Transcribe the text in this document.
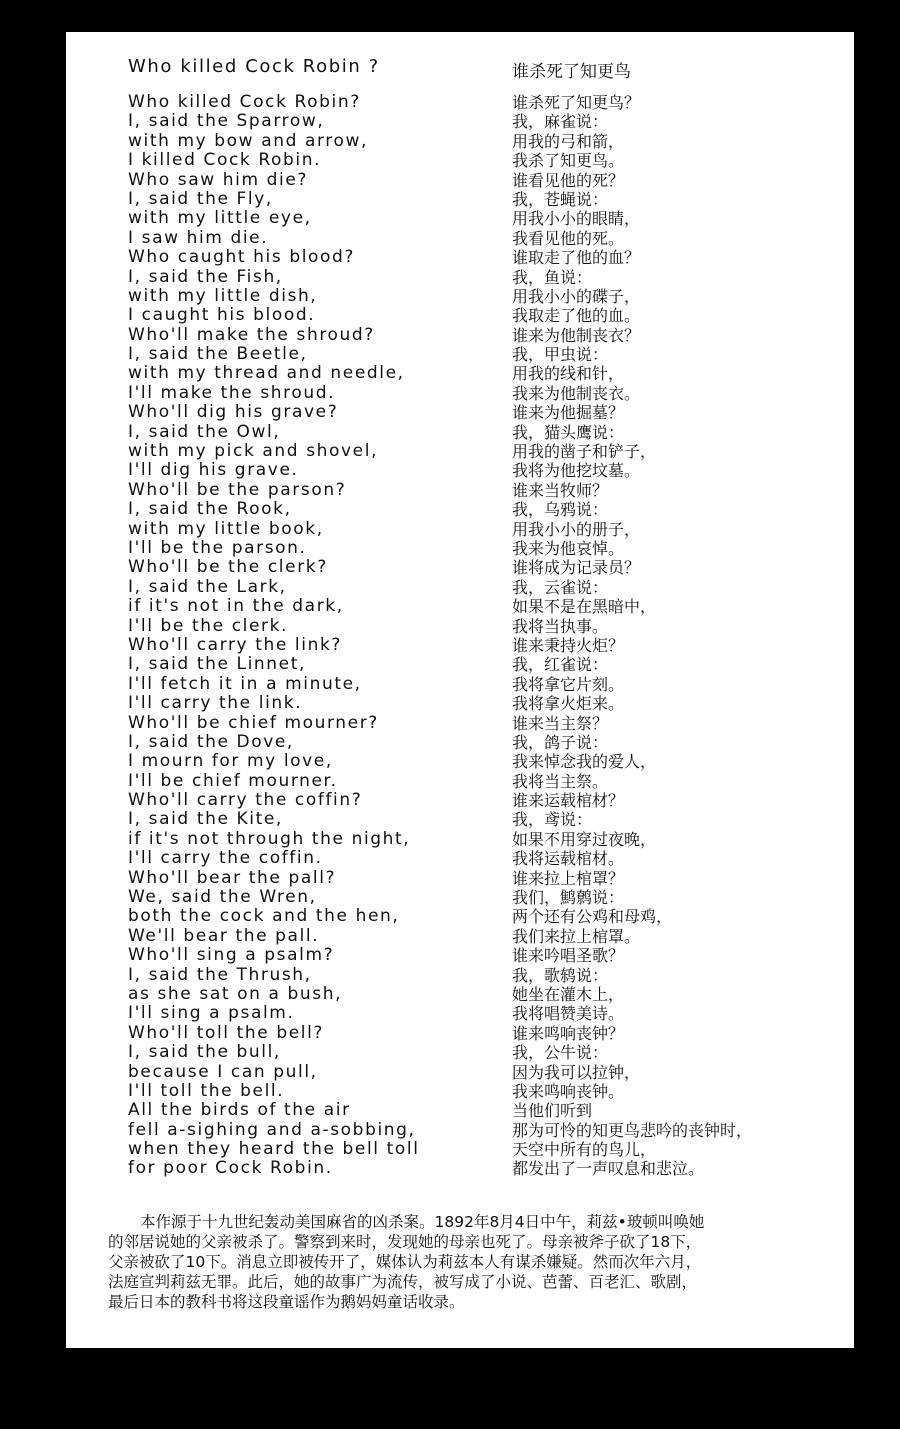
Who killed Cock Robin ?	谁杀死了知更鸟
Who killed Cock Robin?
I, said the Sparrow,
with my bow and arrow,
I killed Cock Robin.
Who saw him die?
I, said the Fly,
with my little eye,
I saw him die.
Who caught his blood?
I, said the Fish,
with my little dish,
I caught his blood.
Who'll make the shroud?
I, said the Beetle,
with my thread and needle,
I'll make the shroud.
Who'll dig his grave?
I, said the Owl,
with my pick and shovel,
I'll dig his grave.
Who'll be the parson?
I, said the Rook,
with my little book,
I'll be the parson.
Who'll be the clerk?
I, said the Lark,
if it's not in the dark,
I'll be the clerk.
Who'll carry the link?
I, said the Linnet,
I'll fetch it in a minute,
I'll carry the link.
Who'll be chief mourner?
I, said the Dove,
I mourn for my love,
I'll be chief mourner.
Who'll carry the coffin?
I, said the Kite,
if it's not through the night,
I'll carry the coffin.
Who'll bear the pall?
We, said the Wren,
both the cock and the hen,
We'll bear the pall.
Who'll sing a psalm?
I, said the Thrush,
as she sat on a bush,
I'll sing a psalm.
Who'll toll the bell?
I, said the bull,
because I can pull,
I'll toll the bell.
All the birds of the air
fell a-sighing and a-sobbing,
when they heard the bell toll
for poor Cock Robin.
谁杀死了知更鸟？
我，麻雀说：
用我的弓和箭，
我杀了知更鸟。
谁看见他的死？
我，苍蝇说：
用我小小的眼睛，
我看见他的死。
谁取走了他的血？
我，鱼说：
用我小小的碟子，
我取走了他的血。
谁来为他制丧衣？
我，甲虫说：
用我的线和针，
我来为他制丧衣。
谁来为他掘墓？
我，猫头鹰说：
用我的凿子和铲子，
我将为他挖坟墓。
谁来当牧师？
我，乌鸦说：
用我小小的册子，
我来为他哀悼。
谁将成为记录员？
我，云雀说：
如果不是在黑暗中，
我将当执事。
谁来秉持火炬？
我，红雀说：
我将拿它片刻。
我将拿火炬来。
谁来当主祭？
我，鸽子说：
我来悼念我的爱人，
我将当主祭。
谁来运载棺材？
我，鸢说：
如果不用穿过夜晚，
我将运载棺材。
谁来拉上棺罩？
我们，鹪鹩说：
两个还有公鸡和母鸡，
我们来拉上棺罩。
谁来吟唱圣歌？
我，歌鸫说：
她坐在灌木上，
我将唱赞美诗。
谁来鸣响丧钟？
我，公牛说：
因为我可以拉钟，
我来鸣响丧钟。
当他们听到
那为可怜的知更鸟悲吟的丧钟时，
天空中所有的鸟儿，
都发出了一声叹息和悲泣。
本作源于十九世纪轰动美国麻省的凶杀案。1892年8月4日中午，莉兹•玻顿叫唤她
的邻居说她的父亲被杀了。警察到来时，发现她的母亲也死了。母亲被斧子砍了18下，
父亲被砍了10下。消息立即被传开了，媒体认为莉兹本人有谋杀嫌疑。然而次年六月，
法庭宣判莉兹无罪。此后，她的故事广为流传，被写成了小说、芭蕾、百老汇、歌剧，
最后日本的教科书将这段童谣作为鹅妈妈童话收录。
